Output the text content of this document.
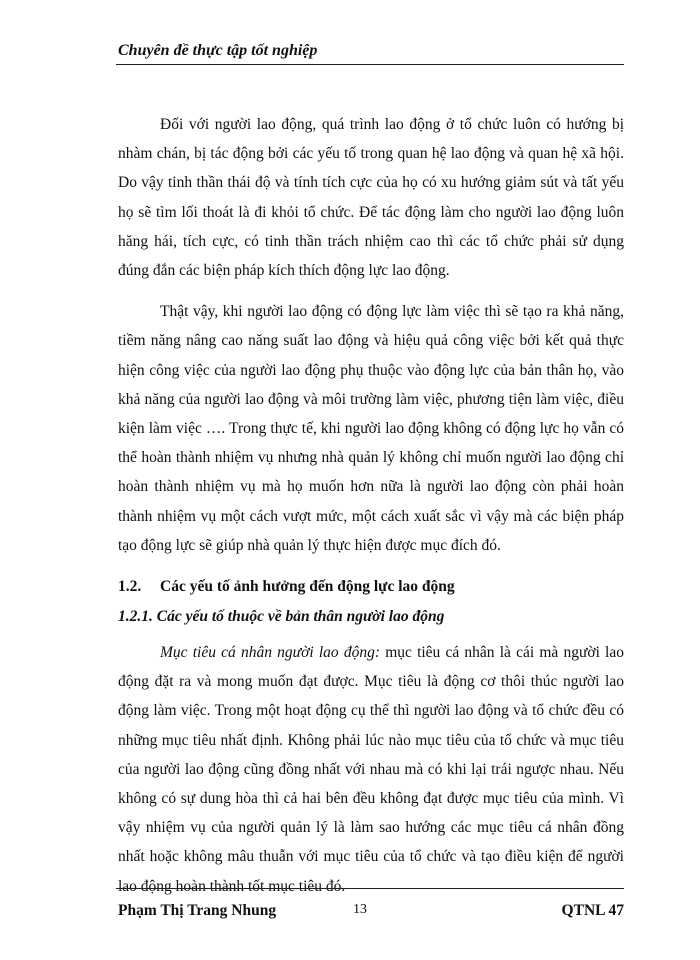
Chuyên đề thực tập tốt nghiệp

Đối với người lao động, quá trình lao động ở tổ chức luôn có hướng bị nhàm chán, bị tác động bởi các yếu tố trong quan hệ lao động và quan hệ xã hội. Do vậy tinh thần thái độ và tính tích cực của họ có xu hướng giảm sút và tất yếu họ sẽ tìm lối thoát là đi khỏi tổ chức. Để tác động làm cho người lao động luôn hăng hái, tích cực, có tinh thần trách nhiệm cao thì các tổ chức phải sử dụng đúng đắn các biện pháp kích thích động lực lao động.

Thật vậy, khi người lao động có động lực làm việc thì sẽ tạo ra khả năng, tiềm năng nâng cao năng suất lao động và hiệu quả công việc bởi kết quả thực hiện công việc của người lao động phụ thuộc vào động lực của bản thân họ, vào khả năng của người lao động và môi trường làm việc, phương tiện làm việc, điều kiện làm việc …. Trong thực tế, khi người lao động không có động lực họ vẫn có thể hoàn thành nhiệm vụ nhưng nhà quản lý không chỉ muốn người lao động chỉ hoàn thành nhiệm vụ mà họ muốn hơn nữa là người lao động còn phải hoàn thành nhiệm vụ một cách vượt mức, một cách xuất sắc vì vậy mà các biện pháp tạo động lực sẽ giúp nhà quản lý thực hiện được mục đích đó.

1.2. Các yếu tố ảnh hưởng đến động lực lao động

1.2.1. Các yếu tố thuộc về bản thân người lao động

Mục tiêu cá nhân người lao động: mục tiêu cá nhân là cái mà người lao động đặt ra và mong muốn đạt được. Mục tiêu là động cơ thôi thúc người lao động làm việc. Trong một hoạt động cụ thể thì người lao động và tổ chức đều có những mục tiêu nhất định. Không phải lúc nào mục tiêu của tổ chức và mục tiêu của người lao động cũng đồng nhất với nhau mà có khi lại trái ngược nhau. Nếu không có sự dung hòa thì cả hai bên đều không đạt được mục tiêu của mình. Vì vậy nhiệm vụ của người quản lý là làm sao hướng các mục tiêu cá nhân đồng nhất hoặc không mâu thuẫn với mục tiêu của tổ chức và tạo điều kiện để người lao động hoàn thành tốt mục tiêu đó.

Phạm Thị Trang Nhung	13	QTNL 47
